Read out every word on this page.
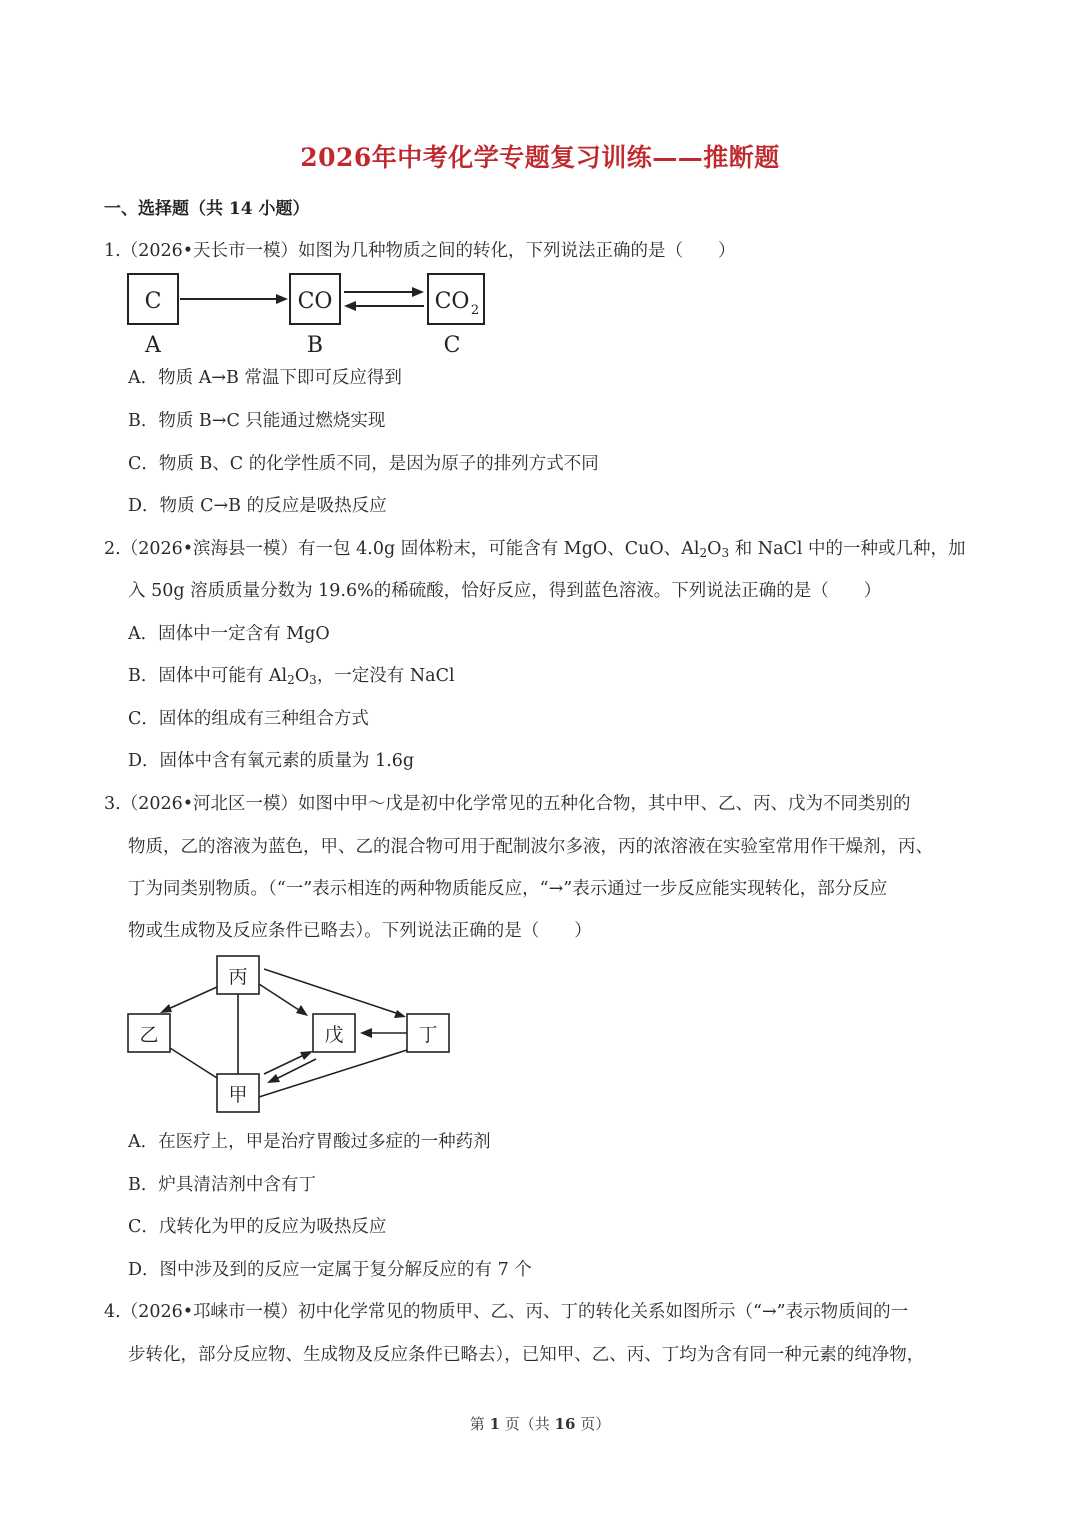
2026年中考化学专题复习训练——推断题
一、选择题（共 14 小题）
1.（2026•天长市一模）如图为几种物质之间的转化，下列说法正确的是（　　）
C	CO	CO 2
A	B	C
A．物质 A→B 常温下即可反应得到
B．物质 B→C 只能通过燃烧实现
C．物质 B、C 的化学性质不同，是因为原子的排列方式不同
D．物质 C→B 的反应是吸热反应
2.（2026•滨海县一模）有一包 4.0g 固体粉末，可能含有 MgO、CuO、$Al_2O_3$ 和 NaCl 中的一种或几种，加
入 50g 溶质质量分数为 19.6%的稀硫酸，恰好反应，得到蓝色溶液。下列说法正确的是（　　）
A．固体中一定含有 MgO
B．固体中可能有 $Al_2O_3$，一定没有 NaCl
C．固体的组成有三种组合方式
D．固体中含有氧元素的质量为 1.6g
3.（2026•河北区一模）如图中甲～戊是初中化学常见的五种化合物，其中甲、乙、丙、戊为不同类别的
物质，乙的溶液为蓝色，甲、乙的混合物可用于配制波尔多液，丙的浓溶液在实验室常用作干燥剂，丙、
丁为同类别物质。（“一”表示相连的两种物质能反应，“→”表示通过一步反应能实现转化，部分反应
物或生成物及反应条件已略去）。下列说法正确的是（　　）
丙
乙	戊	丁
甲
A．在医疗上，甲是治疗胃酸过多症的一种药剂
B．炉具清洁剂中含有丁
C．戊转化为甲的反应为吸热反应
D．图中涉及到的反应一定属于复分解反应的有 7 个
4.（2026•邛崃市一模）初中化学常见的物质甲、乙、丙、丁的转化关系如图所示（“→”表示物质间的一
步转化，部分反应物、生成物及反应条件已略去），已知甲、乙、丙、丁均为含有同一种元素的纯净物，
第 1 页（共 16 页）
